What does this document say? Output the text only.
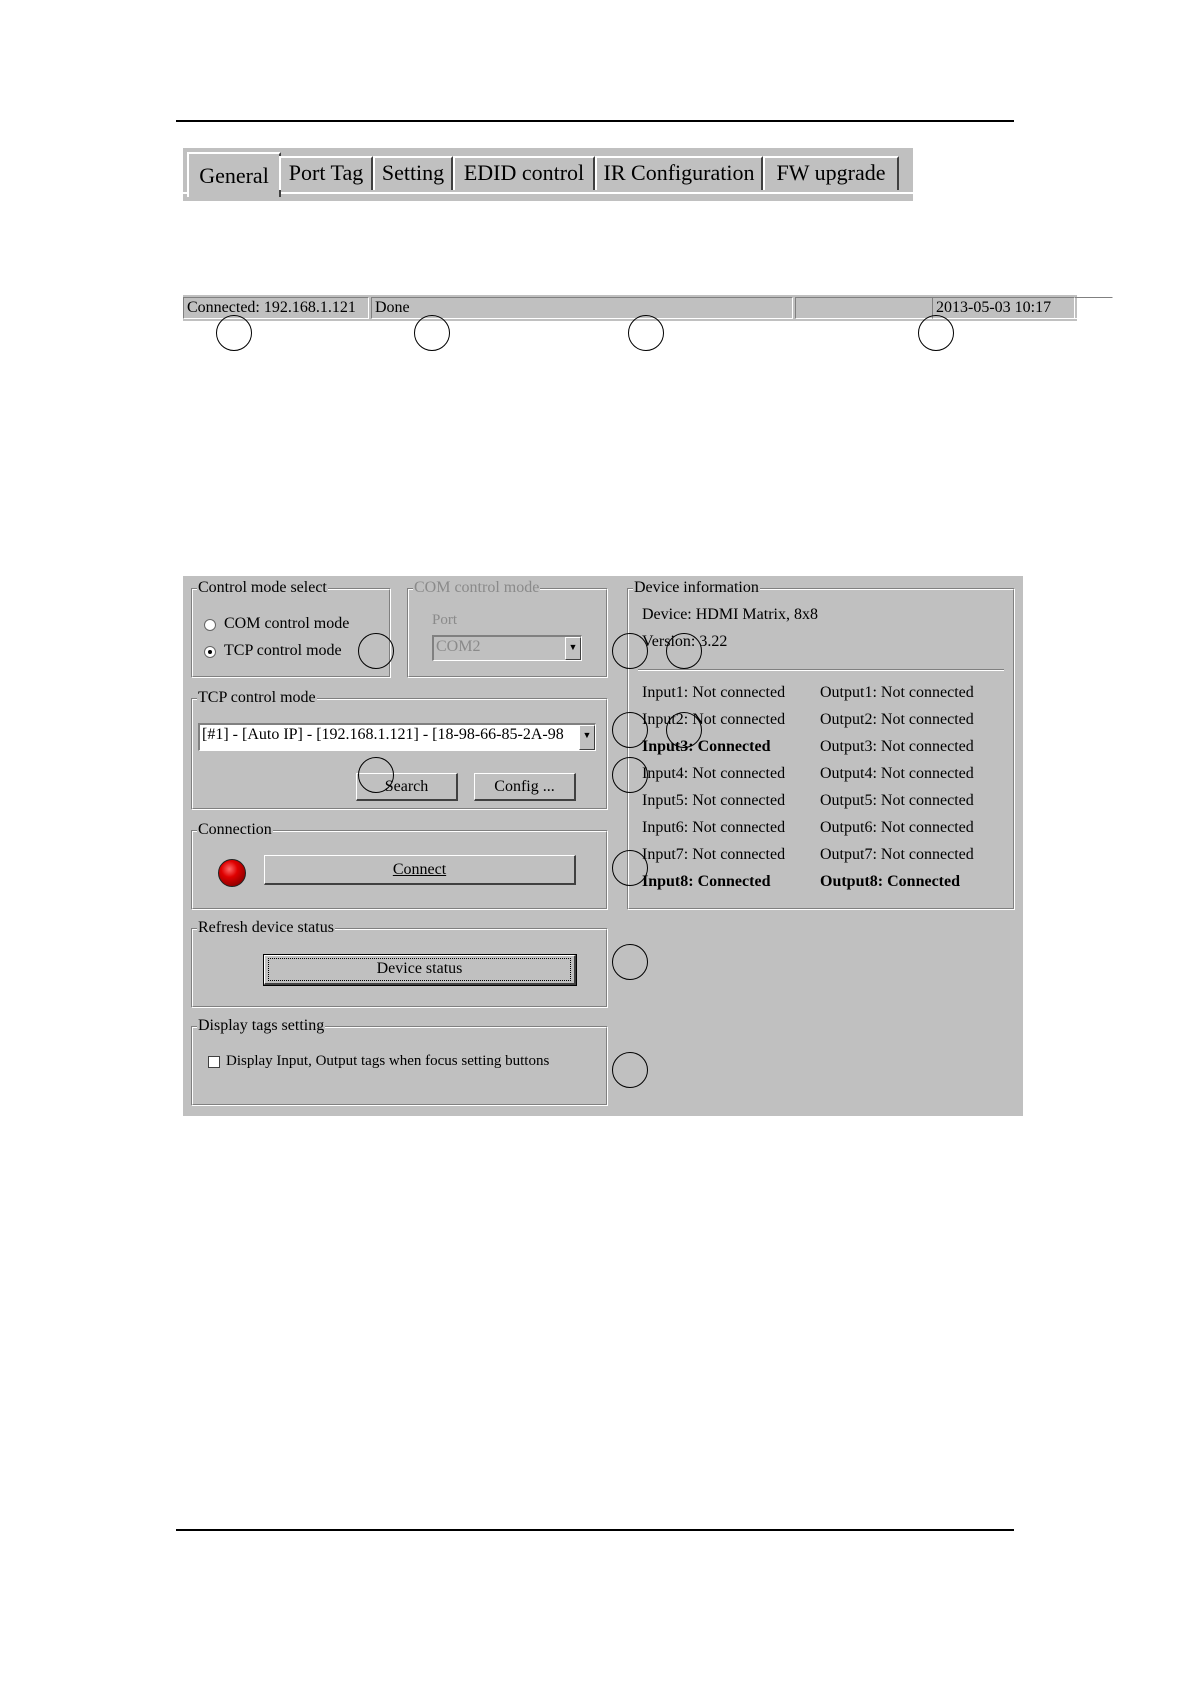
General Port Tag Setting EDID control IR Configuration	FW upgrade
Connected: 192.168.1.121	Done	2013-05-03 10:17
Control mode select
COM control mode
TCP control mode
COM control mode
Port
COM2	▼
TCP control mode
[#1] - [Auto IP] - [192.168.1.121] - [18-98-66-85-2A-98	▼
Search	Config ...
Connection
Connect
Refresh device status
Device status
Display tags setting
Display Input, Output tags when focus setting buttons
Device information
Device: HDMI Matrix, 8x8
Version: 3.22
Input1: Not connected Output1: Not connected
Input2: Not connected Output2: Not connected
Input3: Connected	Output3: Not connected
Input4: Not connected Output4: Not connected
Input5: Not connected Output5: Not connected
Input6: Not connected Output6: Not connected
Input7: Not connected Output7: Not connected
Input8: Connected	Output8: Connected
